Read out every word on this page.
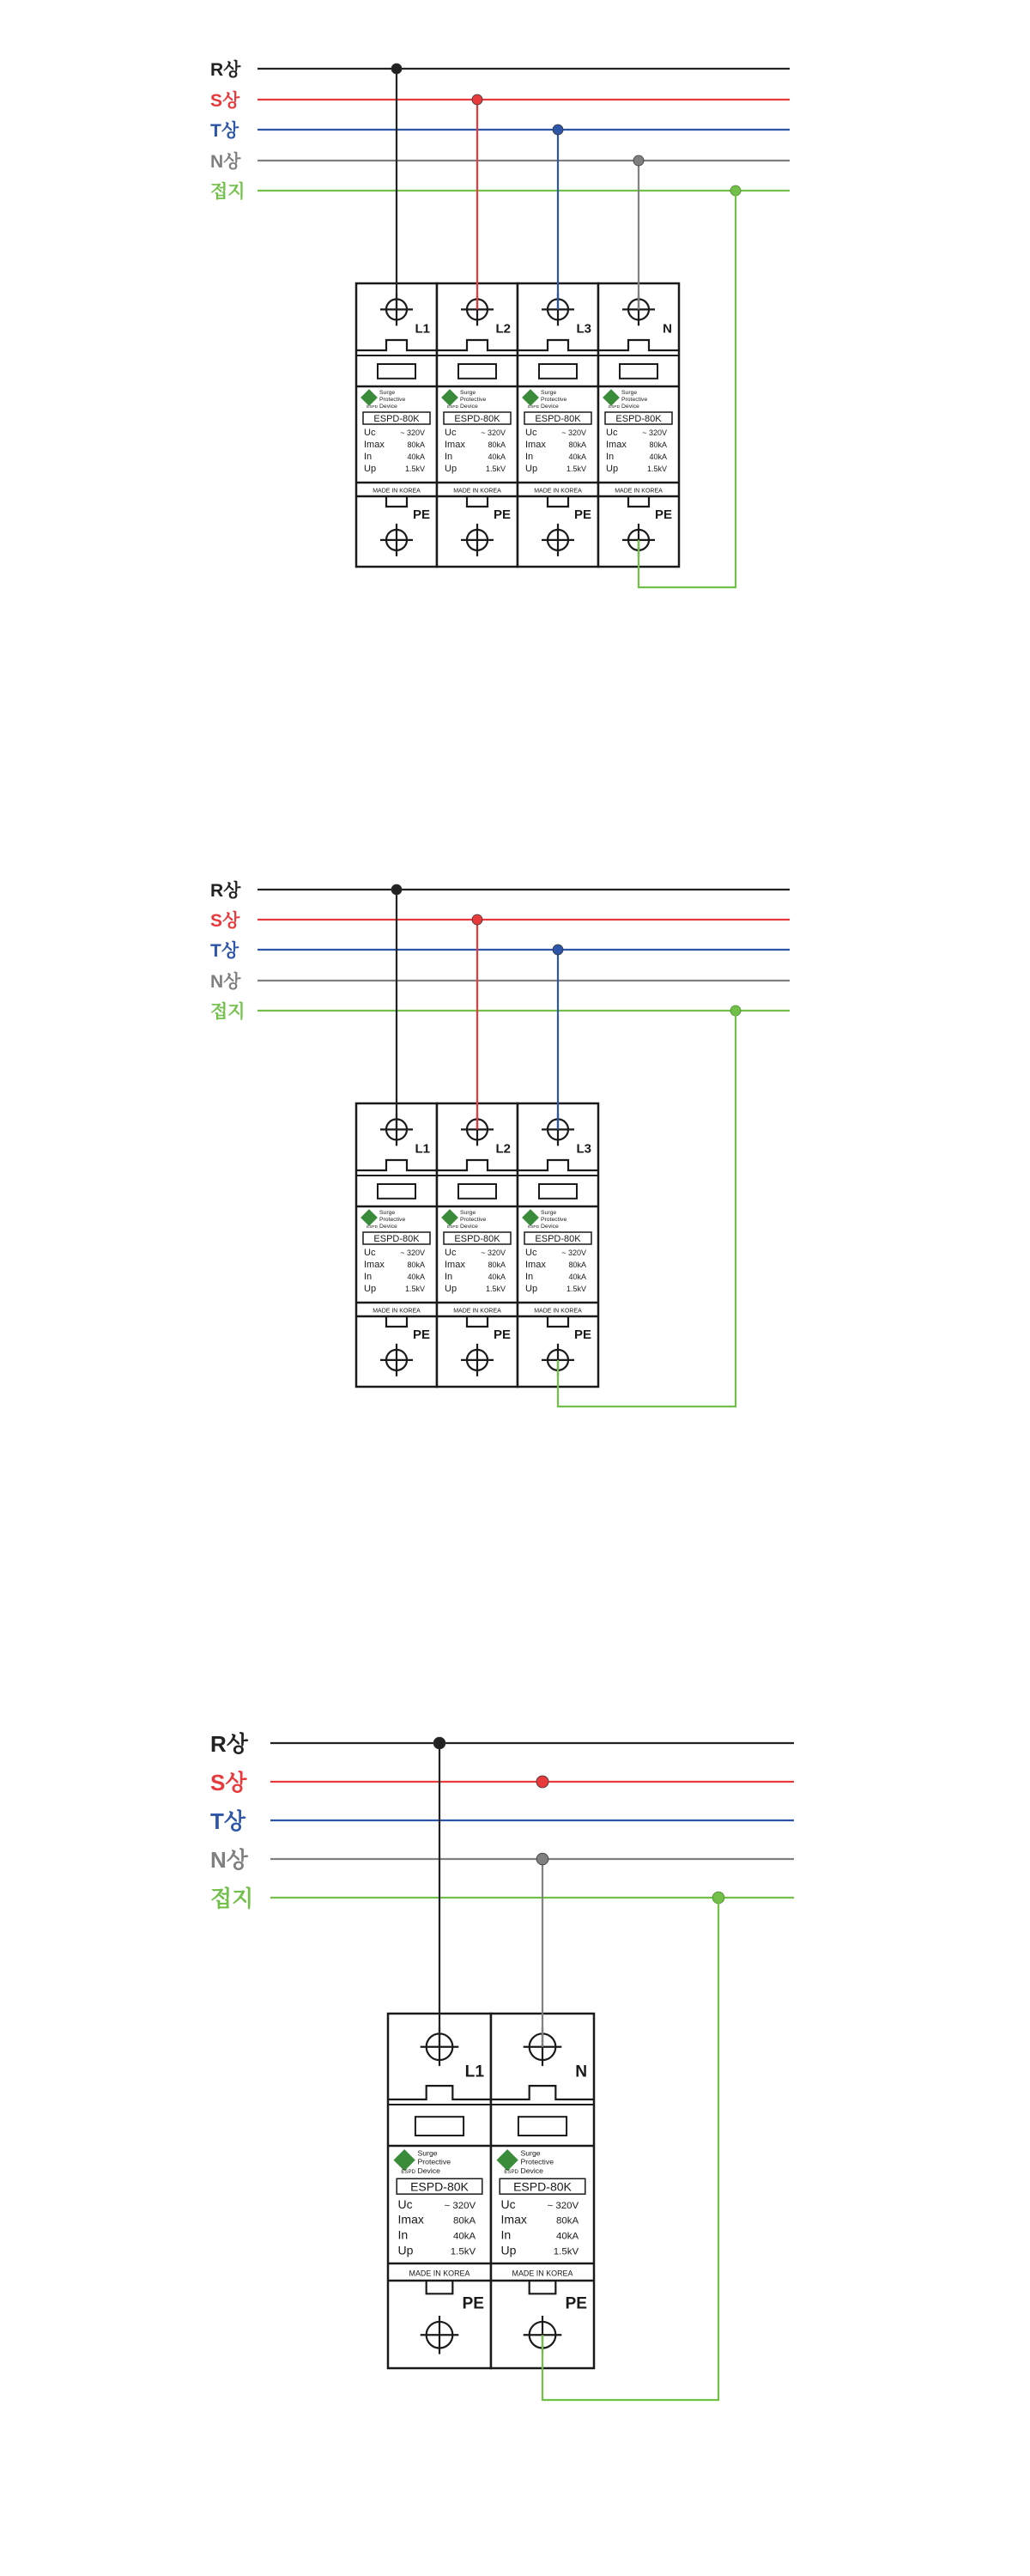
R상
S상
T상
N상
접지
L1
Surge
Protective
ESPD Device
ESPD-80K
Uc	~ 320V
Imax	80kA
In	40kA
Up	1.5kV
MADE IN KOREA
PE
L2
Surge
Protective
ESPD Device
ESPD-80K
Uc	~ 320V
Imax	80kA
In	40kA
Up	1.5kV
MADE IN KOREA
PE
L3
Surge
Protective
ESPD Device
ESPD-80K
Uc	~ 320V
Imax	80kA
In	40kA
Up	1.5kV
MADE IN KOREA
PE
N
Surge
Protective
ESPD Device
ESPD-80K
Uc	~ 320V
Imax	80kA
In	40kA
Up	1.5kV
MADE IN KOREA
PE
R상
S상
T상
N상
접지
L1
Surge
Protective
ESPD Device
ESPD-80K
Uc	~ 320V
Imax	80kA
In	40kA
Up	1.5kV
MADE IN KOREA
PE
L2
Surge
Protective
ESPD Device
ESPD-80K
Uc	~ 320V
Imax	80kA
In	40kA
Up	1.5kV
MADE IN KOREA
PE
L3
Surge
Protective
ESPD Device
ESPD-80K
Uc	~ 320V
Imax	80kA
In	40kA
Up	1.5kV
MADE IN KOREA
PE
R상
S상
T상
N상
접지
L1
Surge
Protective
ESPD Device
ESPD-80K
Uc	~ 320V
Imax	80kA
In	40kA
Up	1.5kV
MADE IN KOREA
PE
N
Surge
Protective
ESPD Device
ESPD-80K
Uc	~ 320V
Imax	80kA
In	40kA
Up	1.5kV
MADE IN KOREA
PE
